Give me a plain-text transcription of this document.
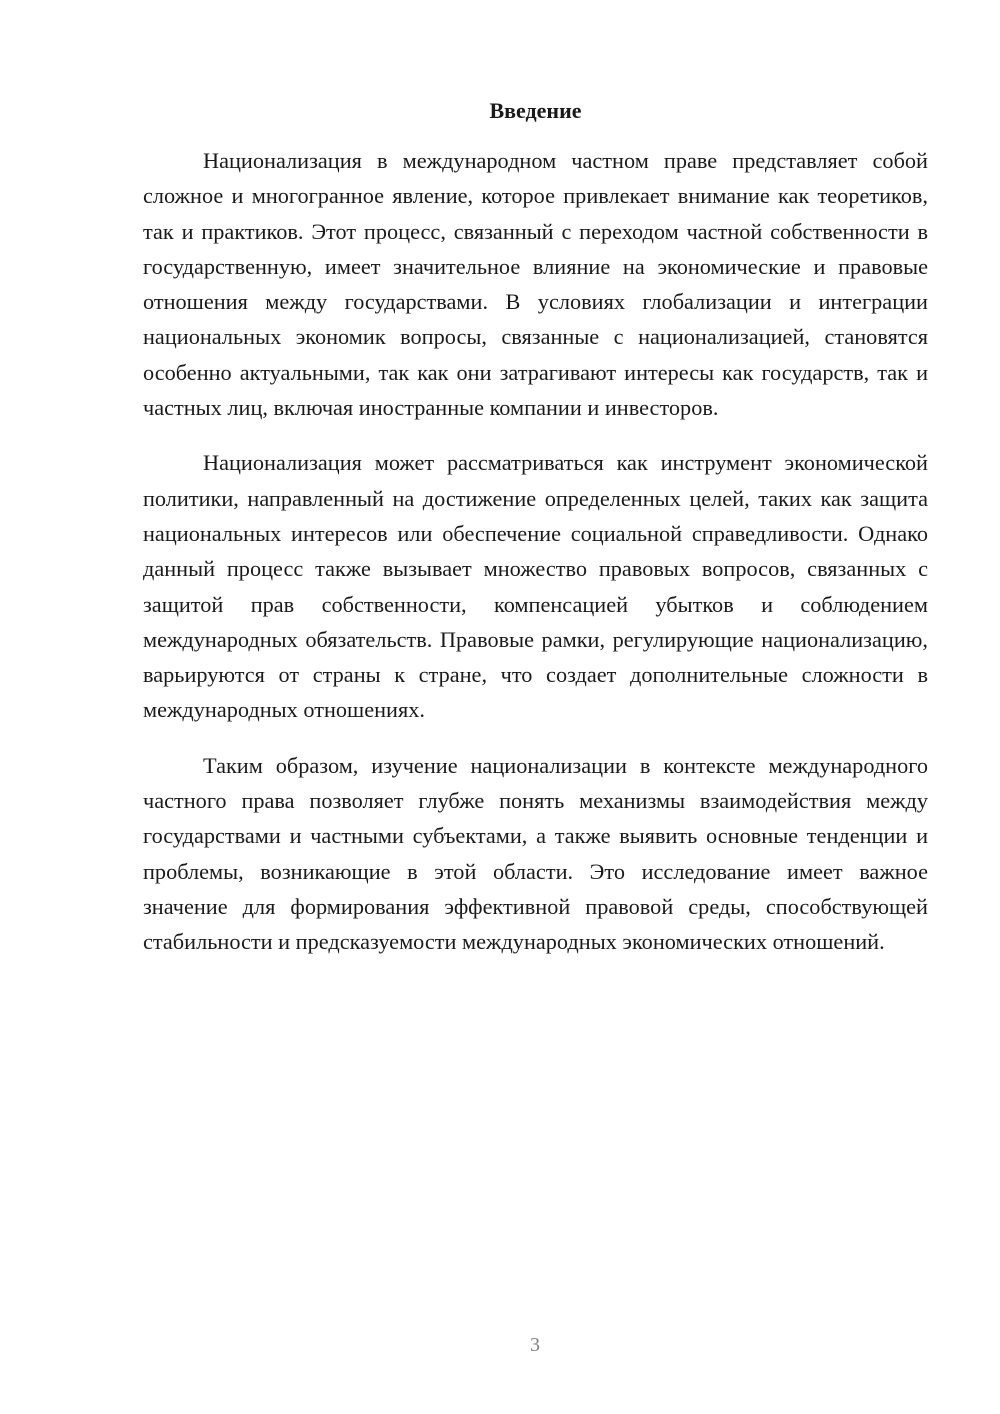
Введение

Национализация в международном частном праве представляет собой сложное и многогранное явление, которое привлекает внимание как теоретиков, так и практиков. Этот процесс, связанный с переходом частной собственности в государственную, имеет значительное влияние на экономические и правовые отношения между государствами. В условиях глобализации и интеграции национальных экономик вопросы, связанные с национализацией, становятся особенно актуальными, так как они затрагивают интересы как государств, так и частных лиц, включая иностранные компании и инвесторов.

Национализация может рассматриваться как инструмент экономической политики, направленный на достижение определенных целей, таких как защита национальных интересов или обеспечение социальной справедливости. Однако данный процесс также вызывает множество правовых вопросов, связанных с защитой прав собственности, компенсацией убытков и соблюдением международных обязательств. Правовые рамки, регулирующие национализацию, варьируются от страны к стране, что создает дополнительные сложности в международных отношениях.

Таким образом, изучение национализации в контексте международного частного права позволяет глубже понять механизмы взаимодействия между государствами и частными субъектами, а также выявить основные тенденции и проблемы, возникающие в этой области. Это исследование имеет важное значение для формирования эффективной правовой среды, способствующей стабильности и предсказуемости международных экономических отношений.

3
